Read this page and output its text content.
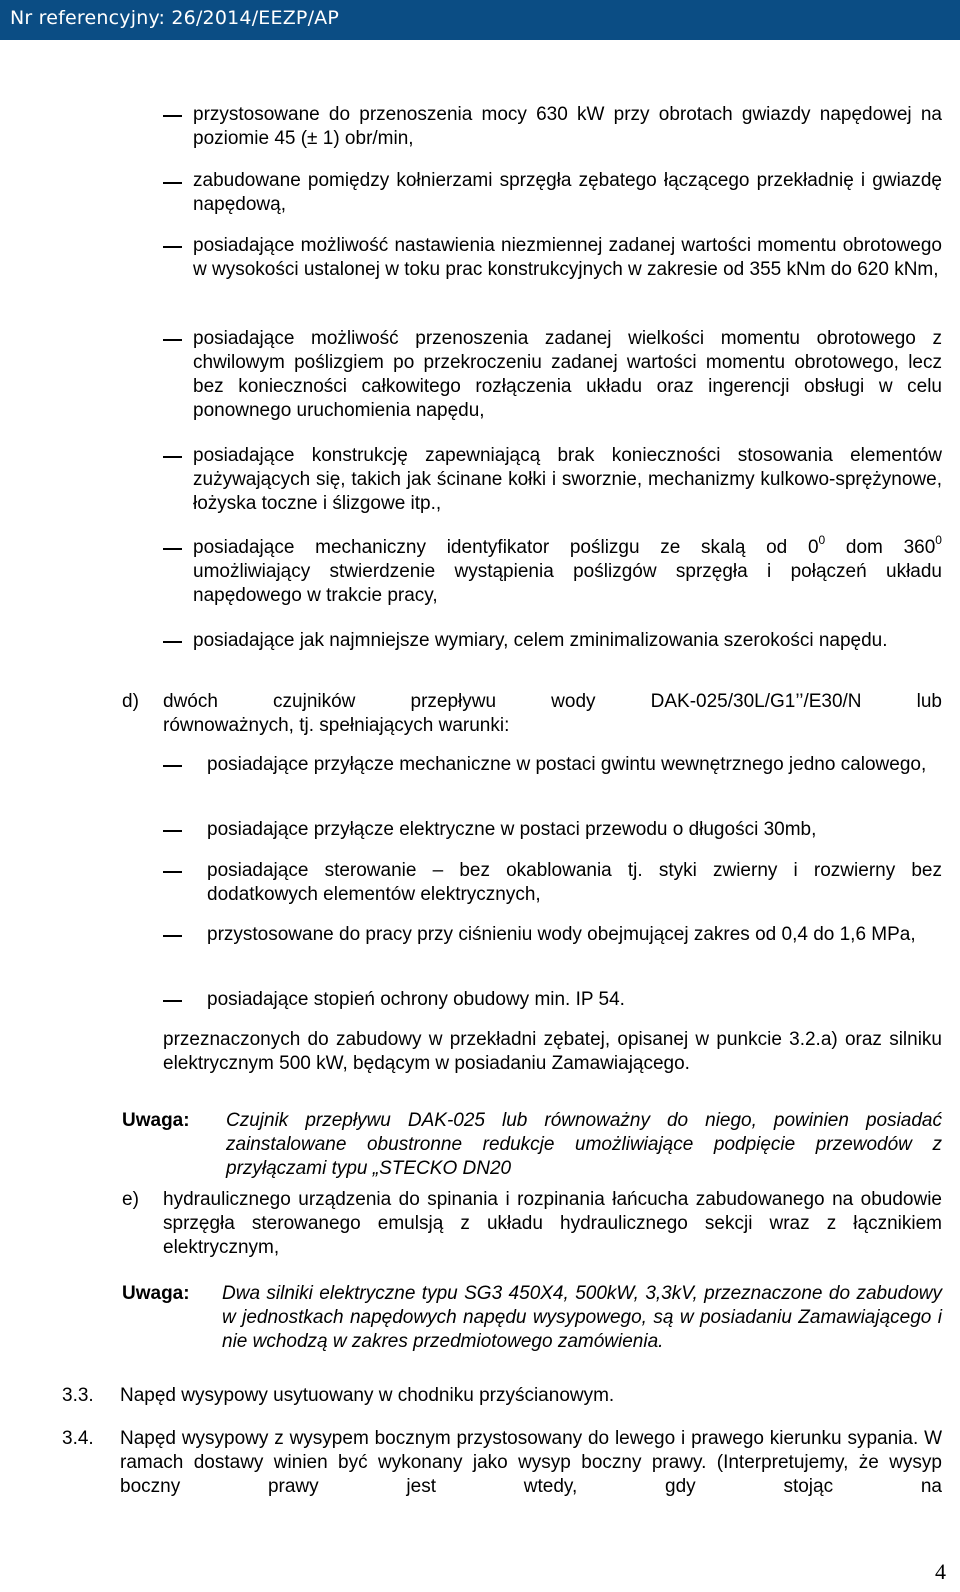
Nr referencyjny: 26/2014/EEZP/AP
przystosowane do przenoszenia mocy 630 kW przy obrotach gwiazdy napędowej na poziomie 45 (± 1) obr/min,
zabudowane pomiędzy kołnierzami sprzęgła zębatego łączącego przekładnię i gwiazdę napędową,
posiadające możliwość nastawienia niezmiennej zadanej wartości momentu obrotowego w wysokości ustalonej w toku prac konstrukcyjnych w zakresie od 355 kNm do 620 kNm,
posiadające możliwość przenoszenia zadanej wielkości momentu obrotowego z chwilowym poślizgiem po przekroczeniu zadanej wartości momentu obrotowego, lecz bez konieczności całkowitego rozłączenia układu oraz ingerencji obsługi w celu ponownego uruchomienia napędu,
posiadające konstrukcję zapewniającą brak konieczności stosowania elementów zużywających się, takich jak ścinane kołki i sworznie, mechanizmy kulkowo-sprężynowe, łożyska toczne i ślizgowe itp.,
posiadające mechaniczny identyfikator poślizgu ze skalą od $0^0$ dom $360^0$
umożliwiający stwierdzenie wystąpienia poślizgów sprzęgła i połączeń układu napędowego w trakcie pracy,
posiadające jak najmniejsze wymiary, celem zminimalizowania szerokości napędu.
d) dwóch czujników przepływu wody DAK-025/30L/G1’’/E30/N lub
równoważnych, tj. spełniających warunki:
posiadające przyłącze mechaniczne w postaci gwintu wewnętrznego jedno calowego,
posiadające przyłącze elektryczne w postaci przewodu o długości 30mb,
posiadające sterowanie – bez okablowania tj. styki zwierny i rozwierny bez dodatkowych elementów elektrycznych,
przystosowane do pracy przy ciśnieniu wody obejmującej zakres od 0,4 do 1,6 MPa,
posiadające stopień ochrony obudowy min. IP 54.
przeznaczonych do zabudowy w przekładni zębatej, opisanej w punkcie 3.2.a) oraz silniku elektrycznym 500 kW, będącym w posiadaniu Zamawiającego.
Uwaga: Czujnik przepływu DAK-025 lub równoważny do niego, powinien posiadać zainstalowane obustronne redukcje umożliwiające podpięcie przewodów z przyłączami typu „STECKO DN20
e) hydraulicznego urządzenia do spinania i rozpinania łańcucha zabudowanego na obudowie sprzęgła sterowanego emulsją z układu hydraulicznego sekcji wraz z łącznikiem elektrycznym,
Uwaga: Dwa silniki elektryczne typu SG3 450X4, 500kW, 3,3kV, przeznaczone do zabudowy w jednostkach napędowych napędu wysypowego, są w posiadaniu Zamawiającego i nie wchodzą w zakres przedmiotowego zamówienia.
3.3. Napęd wysypowy usytuowany w chodniku przyścianowym.
3.4. Napęd wysypowy z wysypem bocznym przystosowany do lewego i prawego kierunku sypania. W ramach dostawy winien być wykonany jako wysyp boczny prawy. (Interpretujemy, że wysyp boczny prawy jest wtedy, gdy stojąc na
4
